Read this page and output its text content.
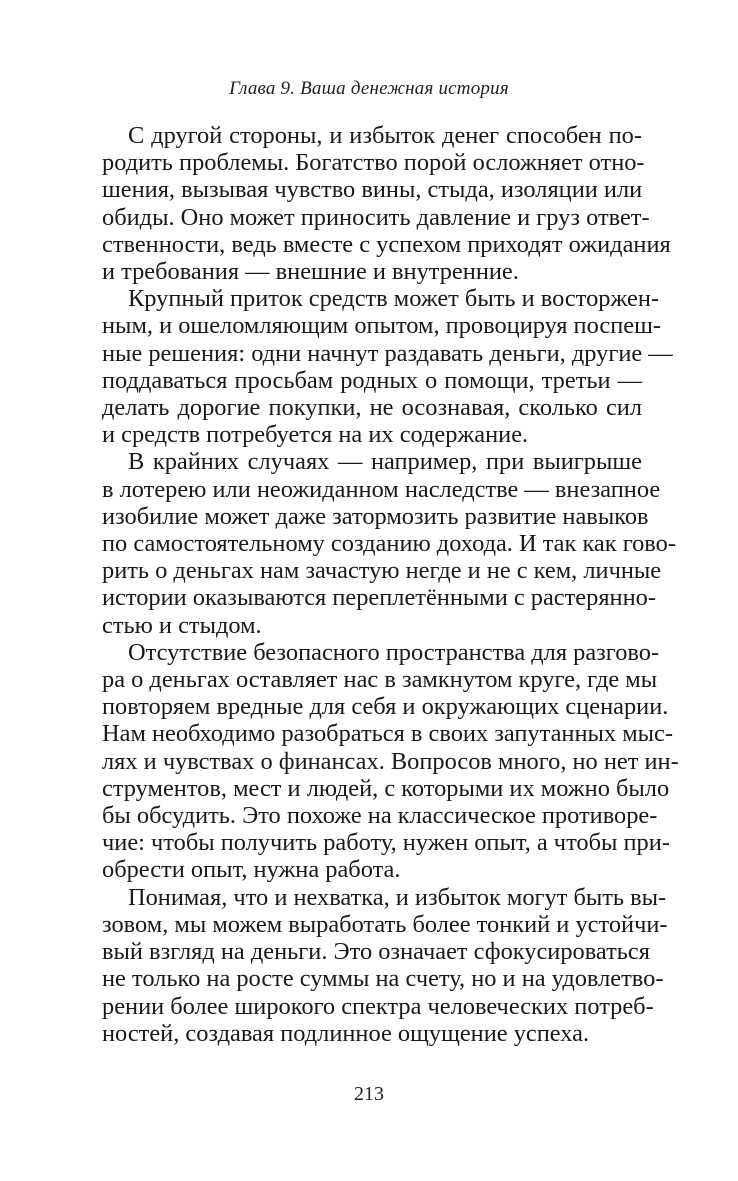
Глава 9. Ваша денежная история

С другой стороны, и избыток денег способен по-
родить проблемы. Богатство порой осложняет отно-
шения, вызывая чувство вины, стыда, изоляции или
обиды. Оно может приносить давление и груз ответ-
ственности, ведь вместе с успехом приходят ожидания
и требования — внешние и внутренние.

Крупный приток средств может быть и восторжен-
ным, и ошеломляющим опытом, провоцируя поспеш-
ные решения: одни начнут раздавать деньги, другие —
поддаваться просьбам родных о помощи, третьи —
делать дорогие покупки, не осознавая, сколько сил
и средств потребуется на их содержание.

В крайних случаях — например, при выигрыше
в лотерею или неожиданном наследстве — внезапное
изобилие может даже затормозить развитие навыков
по самостоятельному созданию дохода. И так как гово-
рить о деньгах нам зачастую негде и не с кем, личные
истории оказываются переплетёнными с растерянно-
стью и стыдом.

Отсутствие безопасного пространства для разгово-
ра о деньгах оставляет нас в замкнутом круге, где мы
повторяем вредные для себя и окружающих сценарии.
Нам необходимо разобраться в своих запутанных мыс-
лях и чувствах о финансах. Вопросов много, но нет ин-
струментов, мест и людей, с которыми их можно было
бы обсудить. Это похоже на классическое противоре-
чие: чтобы получить работу, нужен опыт, а чтобы при-
обрести опыт, нужна работа.

Понимая, что и нехватка, и избыток могут быть вы-
зовом, мы можем выработать более тонкий и устойчи-
вый взгляд на деньги. Это означает сфокусироваться
не только на росте суммы на счету, но и на удовлетво-
рении более широкого спектра человеческих потреб-
ностей, создавая подлинное ощущение успеха.

213
